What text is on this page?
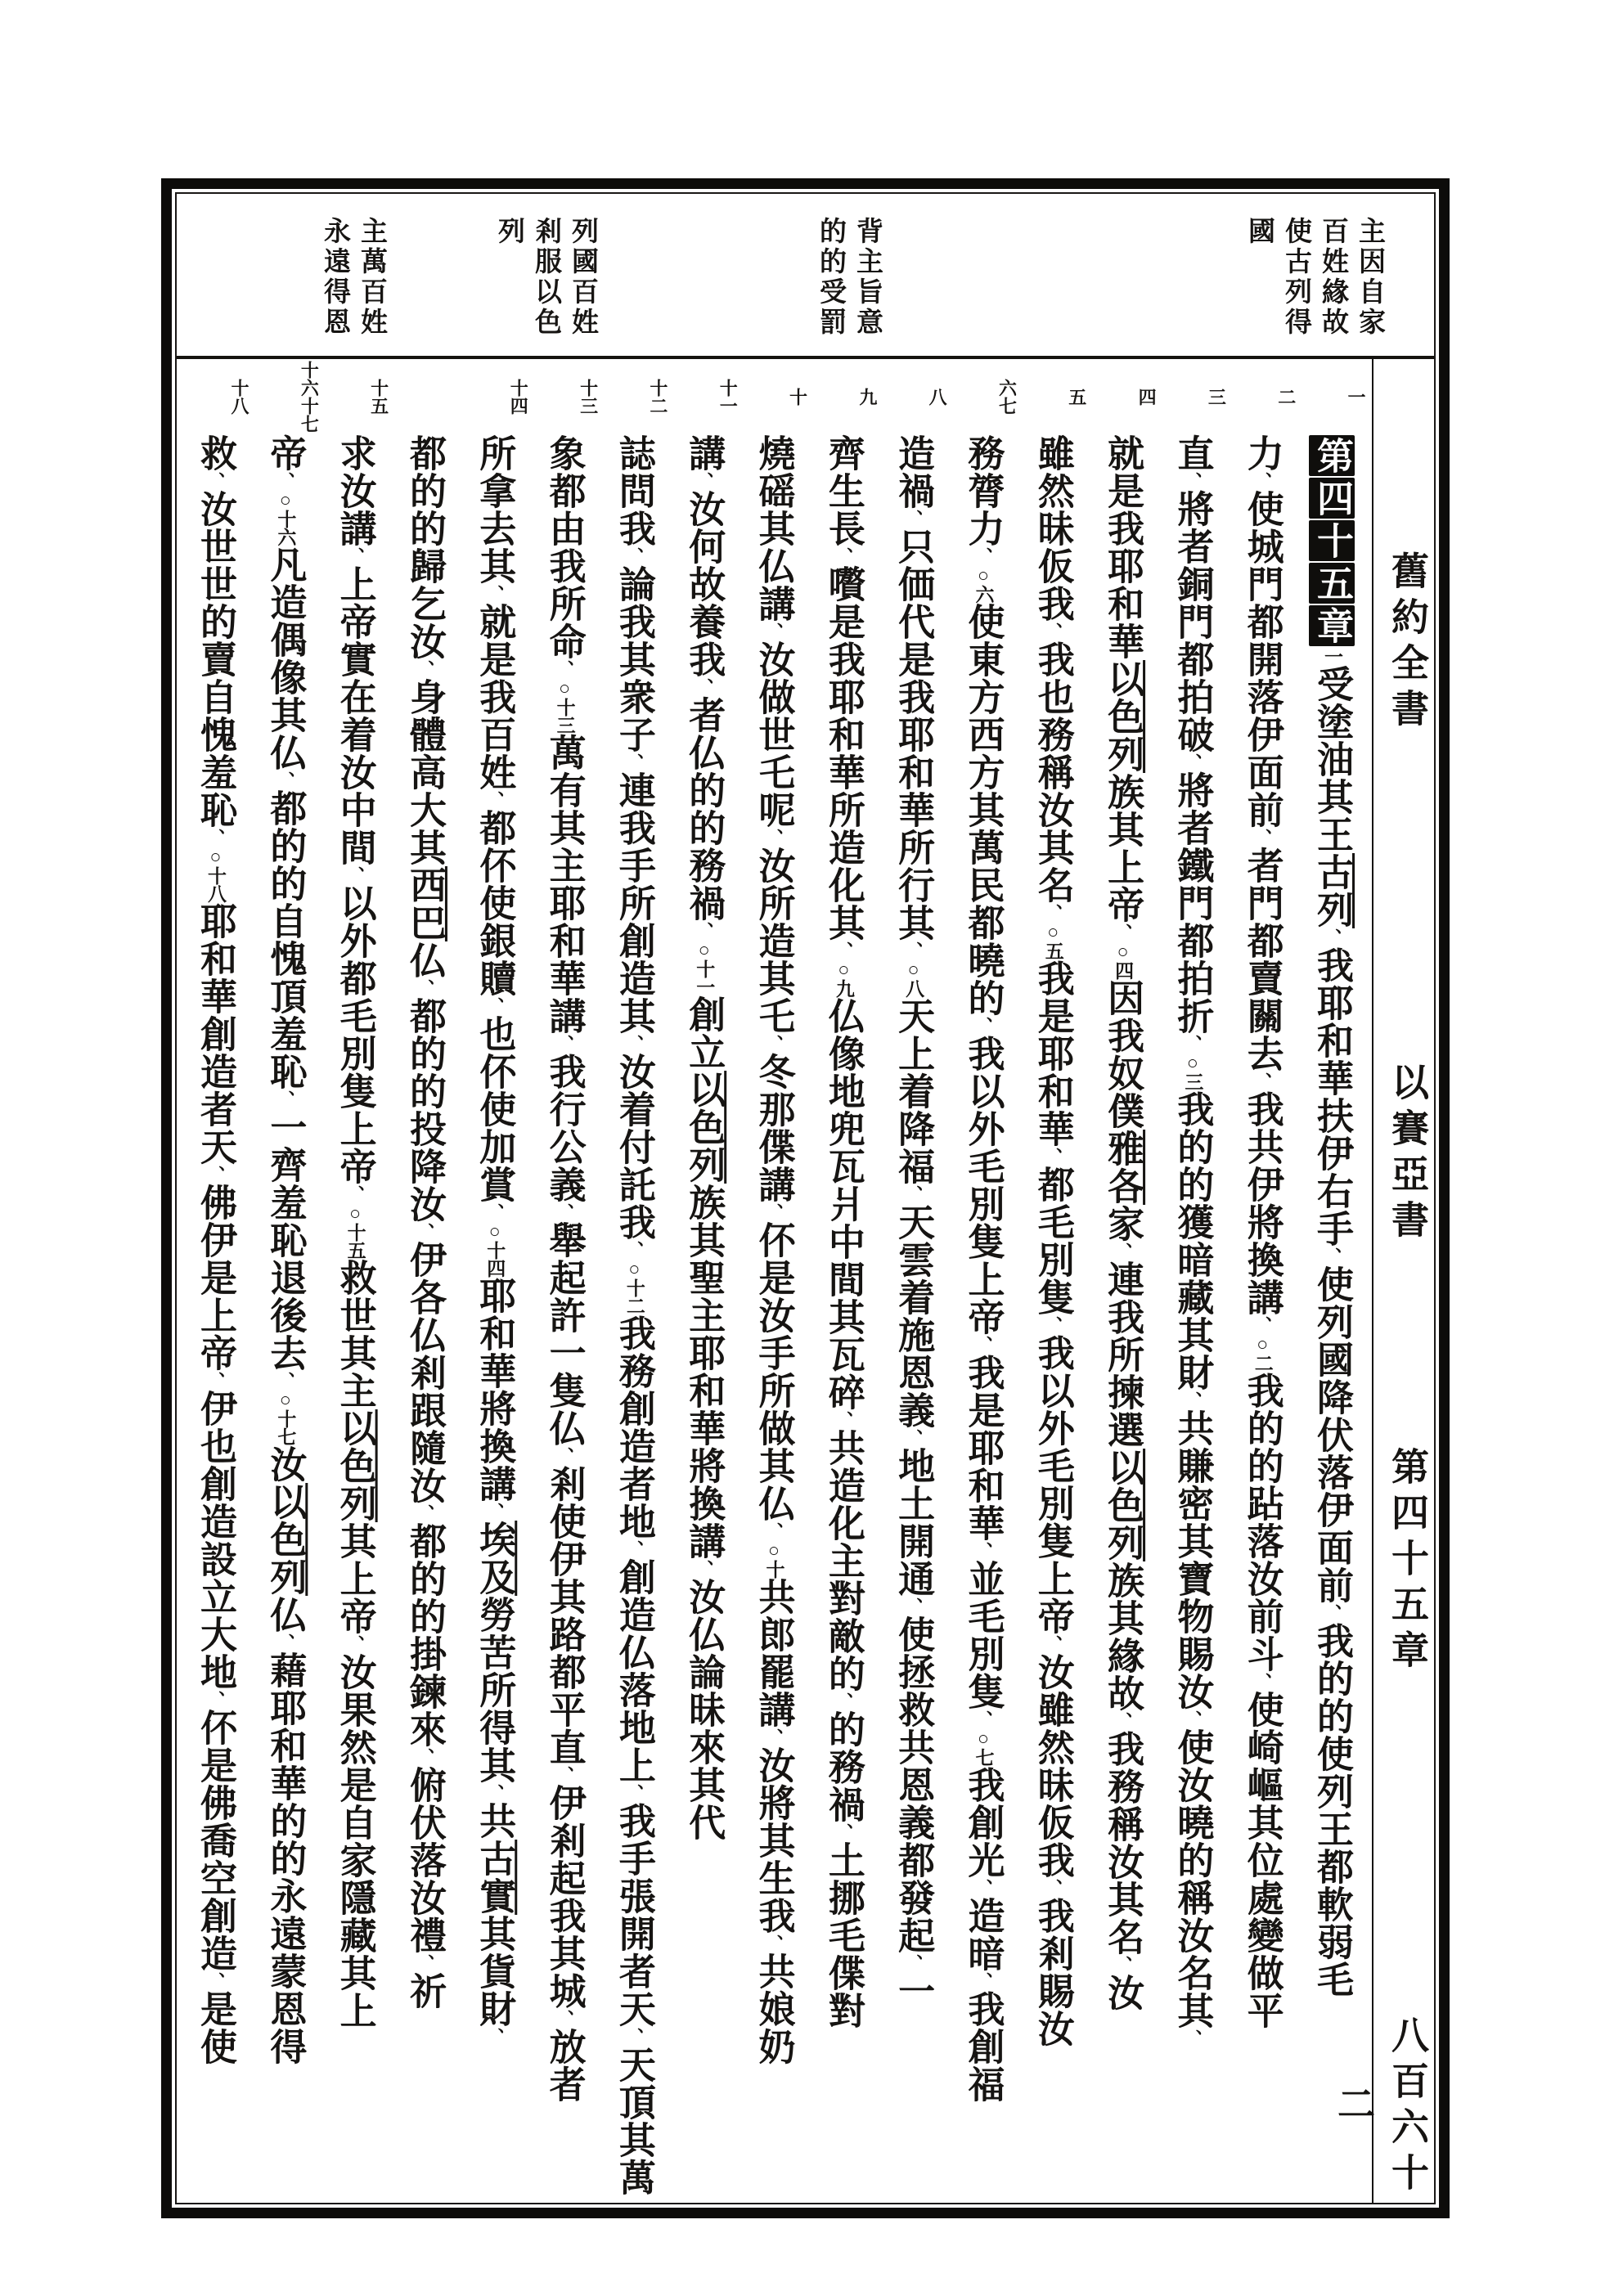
主因自家百姓緣故使古列得國
背主旨意的的受罰
列國百姓剎服以色列
主萬百姓永遠得恩
一
第四十五章一受塗油其王古列、我耶和華扶伊右手、使列國降伏落伊面前、我的的使列王都軟弱毛
二
力、使城門都開落伊面前、者門都賣關去、我共伊將換講、○二我的的跕落汝前斗、使崎嶇其位處變做平
三
直、將者銅門都拍破、將者鐵門都拍折、○三我的的獲暗藏其財、共賺密其寶物賜汝、使汝曉的稱汝名其、
四
就是我耶和華以色列族其上帝、○四因我奴僕雅各家、連我所揀選以色列族其緣故、我務稱汝其名、汝
五
雖然昧仮我、我也務稱汝其名、○五我是耶和華、都毛別隻、我以外毛別隻上帝、汝雖然昧仮我、我剎賜汝
六七
務膂力、○六使東方西方其萬民都曉的、我以外毛別隻上帝、我是耶和華、並毛別隻、○七我創光、造暗、我創福
八
造禍、只価代是我耶和華所行其、○八天上着降福、天雲着施恩義、地土開通、使拯救共恩義都發起、一
九
齊生長、嚽是我耶和華所造化其、○九仏像地兜瓦爿中間其瓦碎、共造化主對敵的、的務禍、土挪毛偞對
十
燒磘其仏講、汝做世乇呢、汝所造其乇、冬那偞講、伓是汝手所做其仏、○十共郎罷講、汝將其生我、共娘奶
十一
講、汝何故養我、者仏的的務禍、○十一創立以色列族其聖主耶和華將換講、汝仏論昧來其代
十二
誌問我、論我其衆子、連我手所創造其、汝着付託我、○十二我務創造者地、創造仏落地上、我手張開者天、天頂其萬
十三
象都由我所命、○十三萬有其主耶和華講、我行公義、舉起許一隻仏、剎使伊其路都平直、伊剎起我其城、放者
十四
所拿去其、就是我百姓、都伓使銀贖、也伓使加賞、○十四耶和華將換講、埃及勞苦所得其、共古實其貨財、
都的的歸乞汝、身體高大其西巴仏、都的的投降汝、伊各仏剎跟隨汝、都的的掛鍊來、俯伏落汝禮、祈
十五
求汝講、上帝實在着汝中間、以外都毛別隻上帝、○十五救世其主以色列其上帝、汝果然是自家隱藏其上
十六十七
帝、○十六凡造偶像其仏、都的的自愧頂羞恥、一齊羞恥退後去、○十七汝以色列仏、藉耶和華的的永遠蒙恩得
十八
救、汝世世的賣自愧羞恥、○十八耶和華創造者天、佛伊是上帝、伊也創造設立大地、伓是佛喬空創造、是使
舊約全書
以賽亞書
第四十五章
八百六十二
